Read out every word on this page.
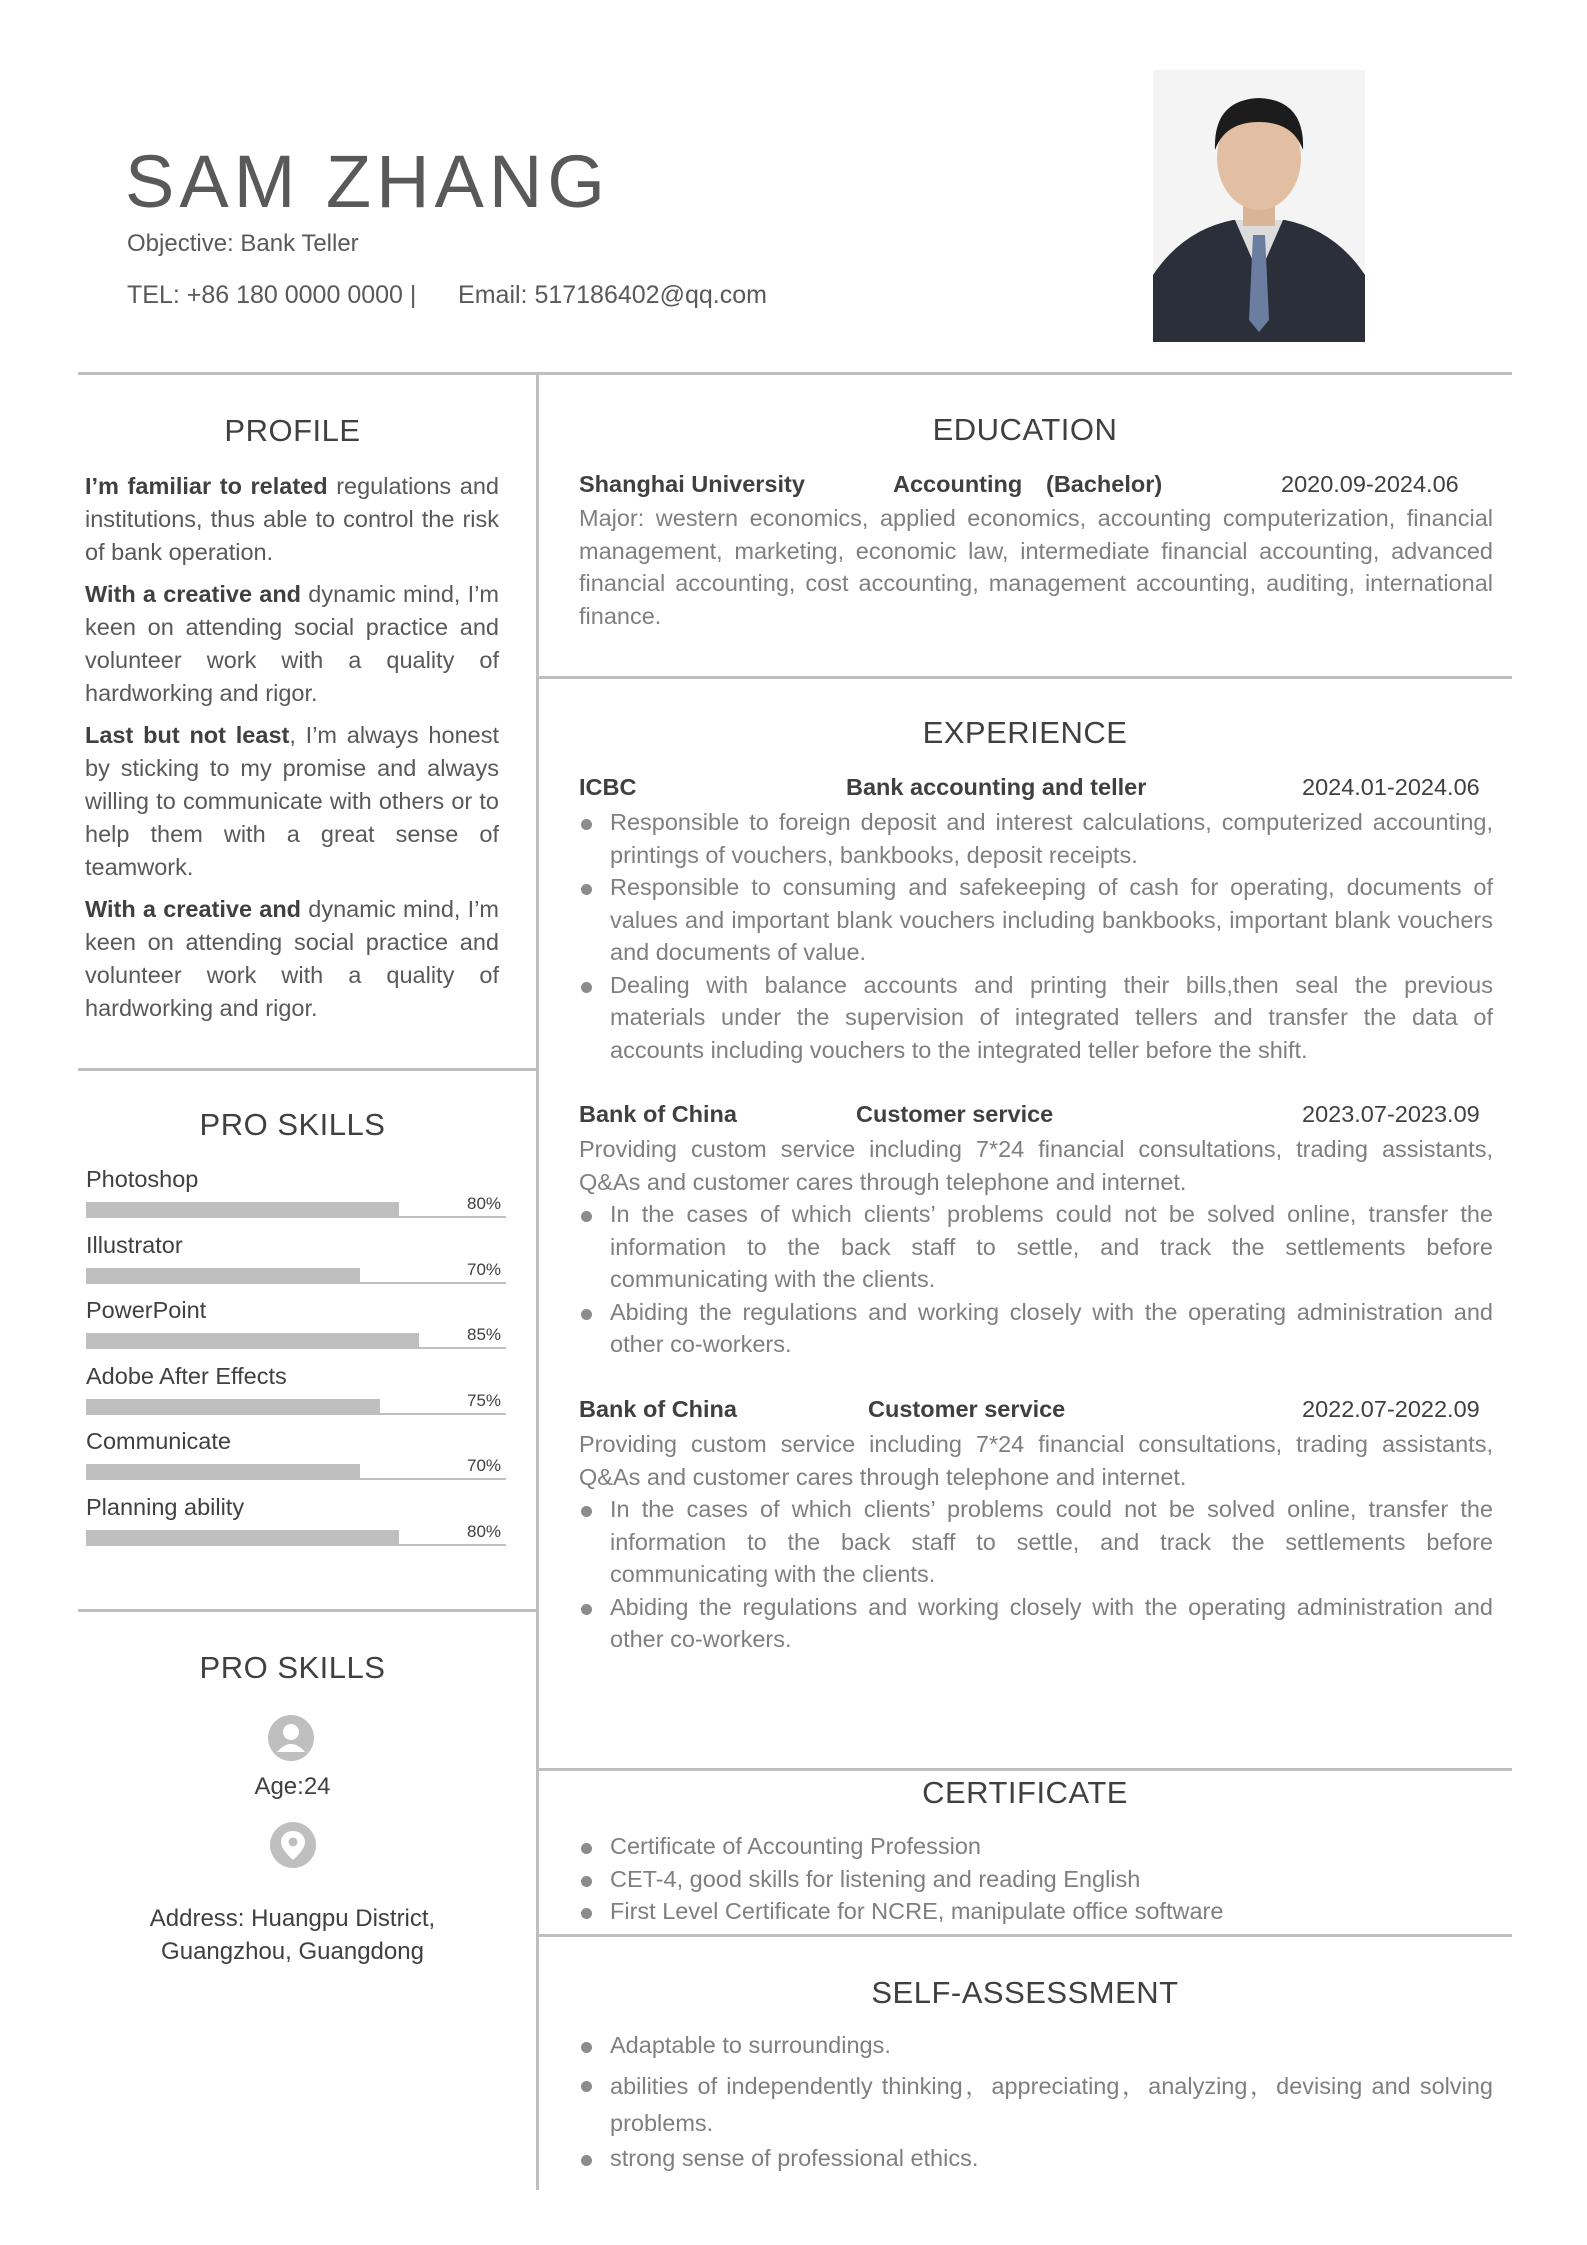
SAM ZHANG
Objective: Bank Teller
TEL: +86 180 0000 0000 |      Email: 517186402@qq.com
PROFILE
I’m familiar to related regulations and institutions, thus able to control the risk of bank operation.
With a creative and dynamic mind, I’m keen on attending social practice and volunteer work with a quality of hardworking and rigor.
Last but not least, I’m always honest by sticking to my promise and always willing to communicate with others or to help them with a great sense of teamwork.
With a creative and dynamic mind, I’m keen on attending social practice and volunteer work with a quality of hardworking and rigor.
PRO SKILLS
Photoshop
80%
Illustrator
70%
PowerPoint
85%
Adobe After Effects
75%
Communicate
70%
Planning ability
80%
PRO SKILLS
Age:24
Address: Huangpu District,
Guangzhou, Guangdong
EDUCATION
Shanghai University	Accounting (Bachelor)	2020.09-2024.06
Major: western economics, applied economics, accounting computerization, financial management, marketing, economic law, intermediate financial accounting, advanced financial accounting, cost accounting, management accounting, auditing, international finance.
EXPERIENCE
ICBC	Bank accounting and teller	2024.01-2024.06
Responsible to foreign deposit and interest calculations, computerized accounting, printings of vouchers, bankbooks, deposit receipts.
Responsible to consuming and safekeeping of cash for operating, documents of values and important blank vouchers including bankbooks, important blank vouchers and documents of value.
Dealing with balance accounts and printing their bills,then seal the previous materials under the supervision of integrated tellers and transfer the data of accounts including vouchers to the integrated teller before the shift.
Bank of China	Customer service	2023.07-2023.09
Providing custom service including 7*24 financial consultations, trading assistants, Q&As and customer cares through telephone and internet.
In the cases of which clients’ problems could not be solved online, transfer the information to the back staff to settle, and track the settlements before communicating with the clients.
Abiding the regulations and working closely with the operating administration and other co-workers.
Bank of China	Customer service	2022.07-2022.09
Providing custom service including 7*24 financial consultations, trading assistants, Q&As and customer cares through telephone and internet.
In the cases of which clients’ problems could not be solved online, transfer the information to the back staff to settle, and track the settlements before communicating with the clients.
Abiding the regulations and working closely with the operating administration and other co-workers.
CERTIFICATE
Certificate of Accounting Profession
CET-4, good skills for listening and reading English
First Level Certificate for NCRE, manipulate office software
SELF-ASSESSMENT
Adaptable to surroundings.
abilities of independently thinking，appreciating，analyzing，devising and solving problems.
strong sense of professional ethics.
